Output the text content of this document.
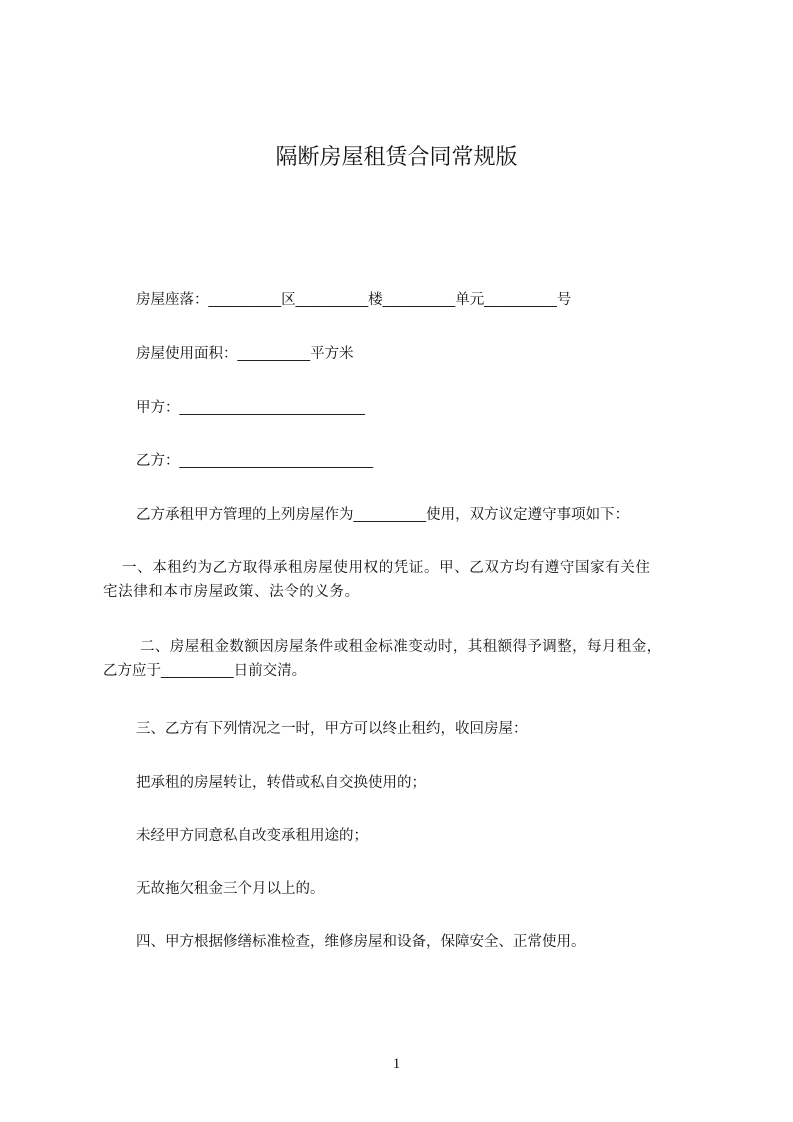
隔断房屋租赁合同常规版
房屋座落：_________区_________楼_________单元_________号
房屋使用面积：_________平方米
甲方：_______________________
乙方：________________________
乙方承租甲方管理的上列房屋作为_________使用，双方议定遵守事项如下：
一、本租约为乙方取得承租房屋使用权的凭证。甲、乙双方均有遵守国家有关住
宅法律和本市房屋政策、法令的义务。
二、房屋租金数额因房屋条件或租金标准变动时，其租额得予调整，每月租金，
乙方应于_________日前交清。
三、乙方有下列情况之一时，甲方可以终止租约，收回房屋：
把承租的房屋转让，转借或私自交换使用的；
未经甲方同意私自改变承租用途的；
无故拖欠租金三个月以上的。
四、甲方根据修缮标准检查，维修房屋和设备，保障安全、正常使用。
1
